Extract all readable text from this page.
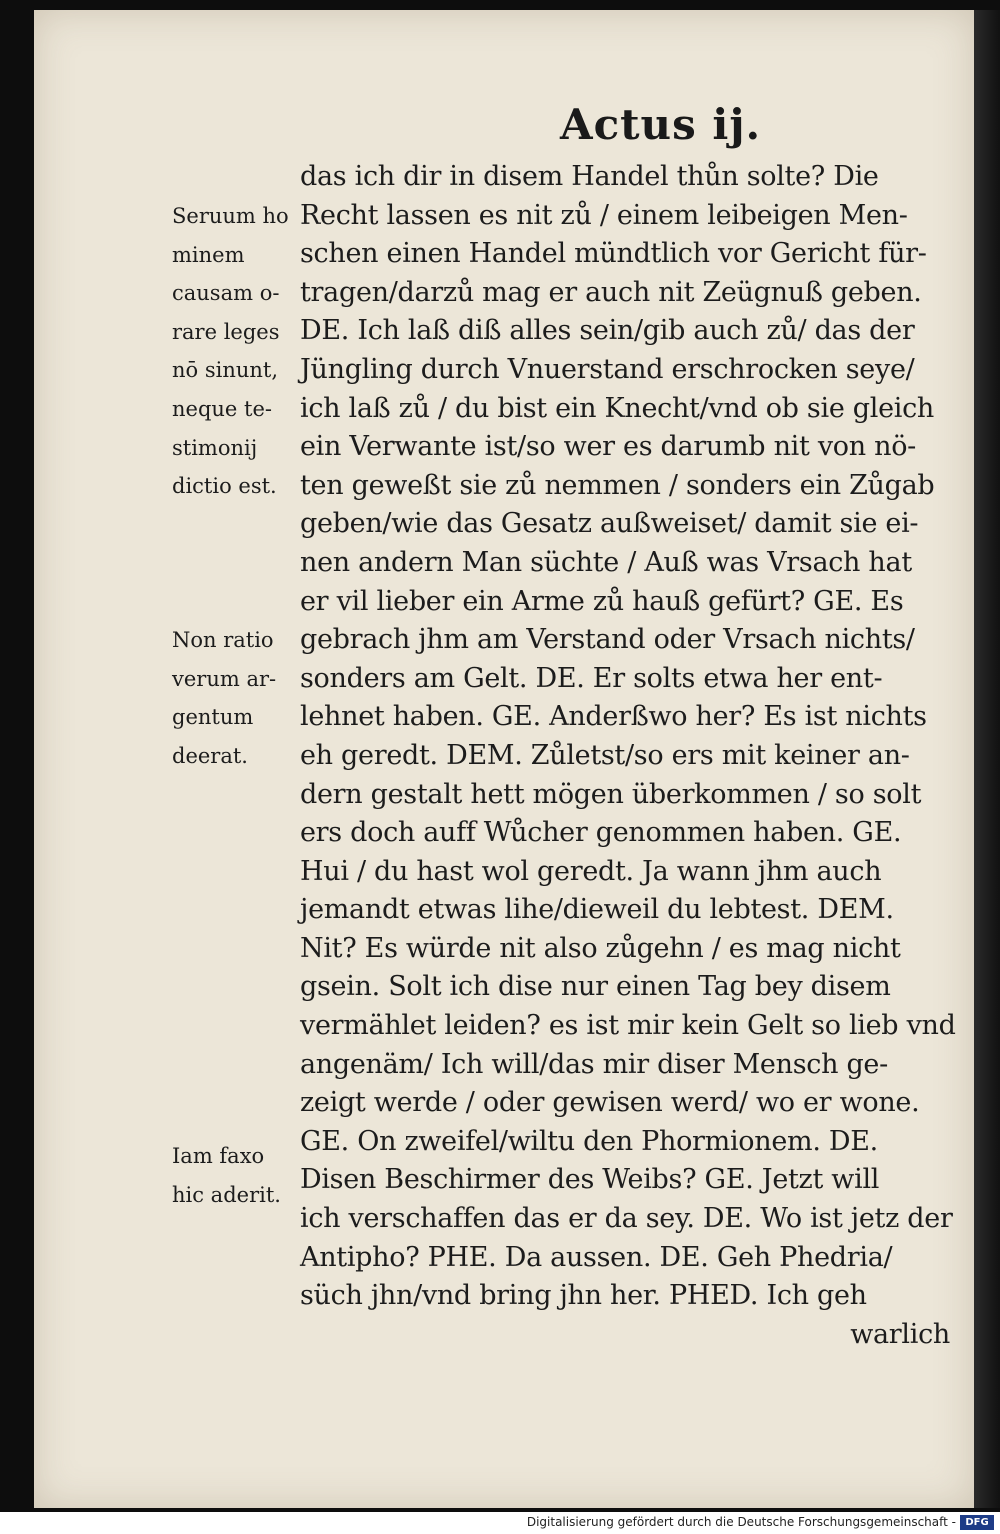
Actus ij.
Seruum ho
minem
causam o-
rare leges
nō sinunt,
neque te-
stimonij
dictio est.
Non ratio
verum ar-
gentum
deerat.
Iam faxo
hic aderit.
das ich dir in disem Handel thůn solte? Die
Recht lassen es nit zů / einem leibeigen Men-
schen einen Handel mündtlich vor Gericht für-
tragen/darzů mag er auch nit Zeügnuß geben.
DE. Ich laß diß alles sein/gib auch zů/ das der
Jüngling durch Vnuerstand erschrocken seye/
ich laß zů / du bist ein Knecht/vnd ob sie gleich
ein Verwante ist/so wer es darumb nit von nö-
ten geweßt sie zů nemmen / sonders ein Zůgab
geben/wie das Gesatz außweiset/ damit sie ei-
nen andern Man süchte / Auß was Vrsach hat
er vil lieber ein Arme zů hauß gefürt? GE. Es
gebrach jhm am Verstand oder Vrsach nichts/
sonders am Gelt. DE. Er solts etwa her ent-
lehnet haben. GE. Anderßwo her? Es ist nichts
eh geredt. DEM. Zůletst/so ers mit keiner an-
dern gestalt hett mögen überkommen / so solt
ers doch auff Wůcher genommen haben. GE.
Hui / du hast wol geredt. Ja wann jhm auch
jemandt etwas lihe/dieweil du lebtest. DEM.
Nit? Es würde nit also zůgehn / es mag nicht
gsein. Solt ich dise nur einen Tag bey disem
vermählet leiden? es ist mir kein Gelt so lieb vnd
angenäm/ Ich will/das mir diser Mensch ge-
zeigt werde / oder gewisen werd/ wo er wone.
GE. On zweifel/wiltu den Phormionem. DE.
Disen Beschirmer des Weibs? GE. Jetzt will
ich verschaffen das er da sey. DE. Wo ist jetz der
Antipho? PHE. Da aussen. DE. Geh Phedria/
süch jhn/vnd bring jhn her. PHED. Ich geh
warlich
Digitalisierung gefördert durch die Deutsche Forschungsgemeinschaft - DFG
